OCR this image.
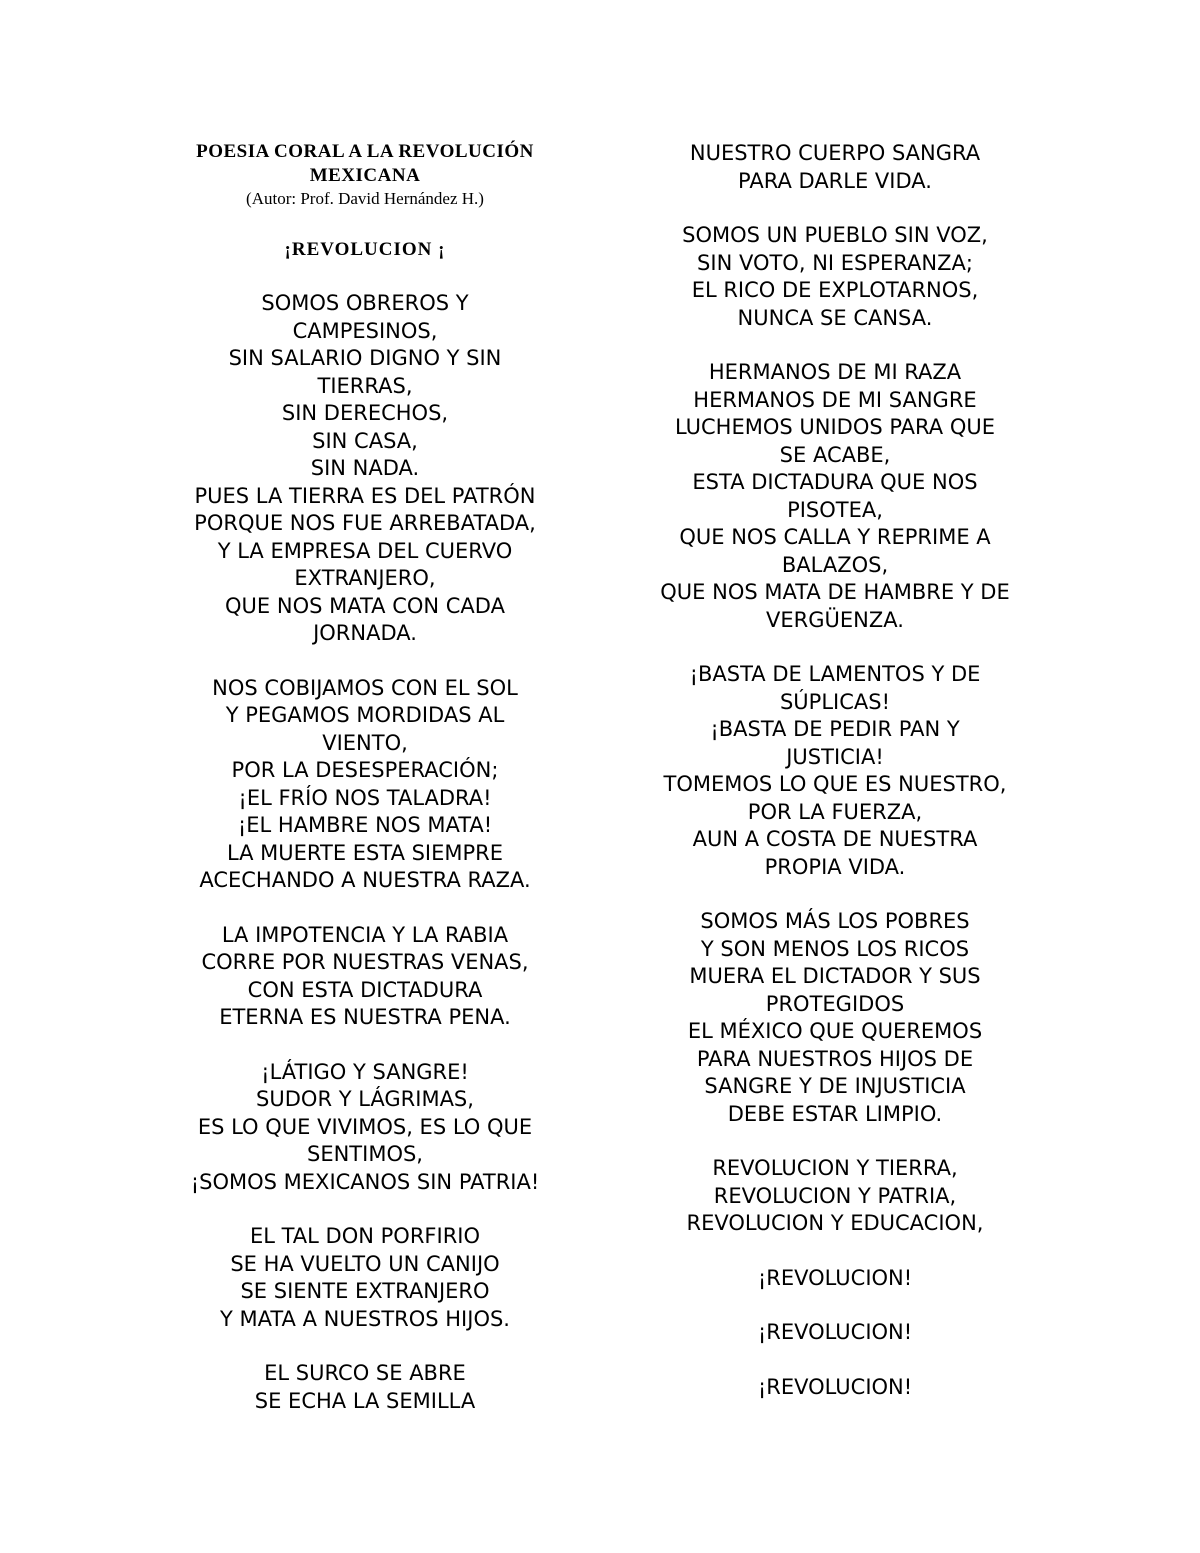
POESIA CORAL A LA REVOLUCIÓN
MEXICANA
(Autor: Prof. David Hernández H.)
¡REVOLUCION ¡
SOMOS OBREROS Y
CAMPESINOS,
SIN SALARIO DIGNO Y SIN
TIERRAS,
SIN DERECHOS,
SIN CASA,
SIN NADA.
PUES LA TIERRA ES DEL PATRÓN
PORQUE NOS FUE ARREBATADA,
Y LA EMPRESA DEL CUERVO
EXTRANJERO,
QUE NOS MATA CON CADA
JORNADA.
NOS COBIJAMOS CON EL SOL
Y PEGAMOS MORDIDAS AL
VIENTO,
POR LA DESESPERACIÓN;
¡EL FRÍO NOS TALADRA!
¡EL HAMBRE NOS MATA!
LA MUERTE ESTA SIEMPRE
ACECHANDO A NUESTRA RAZA.
LA IMPOTENCIA Y LA RABIA
CORRE POR NUESTRAS VENAS,
CON ESTA DICTADURA
ETERNA ES NUESTRA PENA.
¡LÁTIGO Y SANGRE!
SUDOR Y LÁGRIMAS,
ES LO QUE VIVIMOS, ES LO QUE
SENTIMOS,
¡SOMOS MEXICANOS SIN PATRIA!
EL TAL DON PORFIRIO
SE HA VUELTO UN CANIJO
SE SIENTE EXTRANJERO
Y MATA A NUESTROS HIJOS.
EL SURCO SE ABRE
SE ECHA LA SEMILLA
NUESTRO CUERPO SANGRA
PARA DARLE VIDA.
SOMOS UN PUEBLO SIN VOZ,
SIN VOTO, NI ESPERANZA;
EL RICO DE EXPLOTARNOS,
NUNCA SE CANSA.
HERMANOS DE MI RAZA
HERMANOS DE MI SANGRE
LUCHEMOS UNIDOS PARA QUE
SE ACABE,
ESTA DICTADURA QUE NOS
PISOTEA,
QUE NOS CALLA Y REPRIME A
BALAZOS,
QUE NOS MATA DE HAMBRE Y DE
VERGÜENZA.
¡BASTA DE LAMENTOS Y DE
SÚPLICAS!
¡BASTA DE PEDIR PAN Y
JUSTICIA!
TOMEMOS LO QUE ES NUESTRO,
POR LA FUERZA,
AUN A COSTA DE NUESTRA
PROPIA VIDA.
SOMOS MÁS LOS POBRES
Y SON MENOS LOS RICOS
MUERA EL DICTADOR Y SUS
PROTEGIDOS
EL MÉXICO QUE QUEREMOS
PARA NUESTROS HIJOS DE
SANGRE Y DE INJUSTICIA
DEBE ESTAR LIMPIO.
REVOLUCION Y TIERRA,
REVOLUCION Y PATRIA,
REVOLUCION Y EDUCACION,
¡REVOLUCION!
¡REVOLUCION!
¡REVOLUCION!
